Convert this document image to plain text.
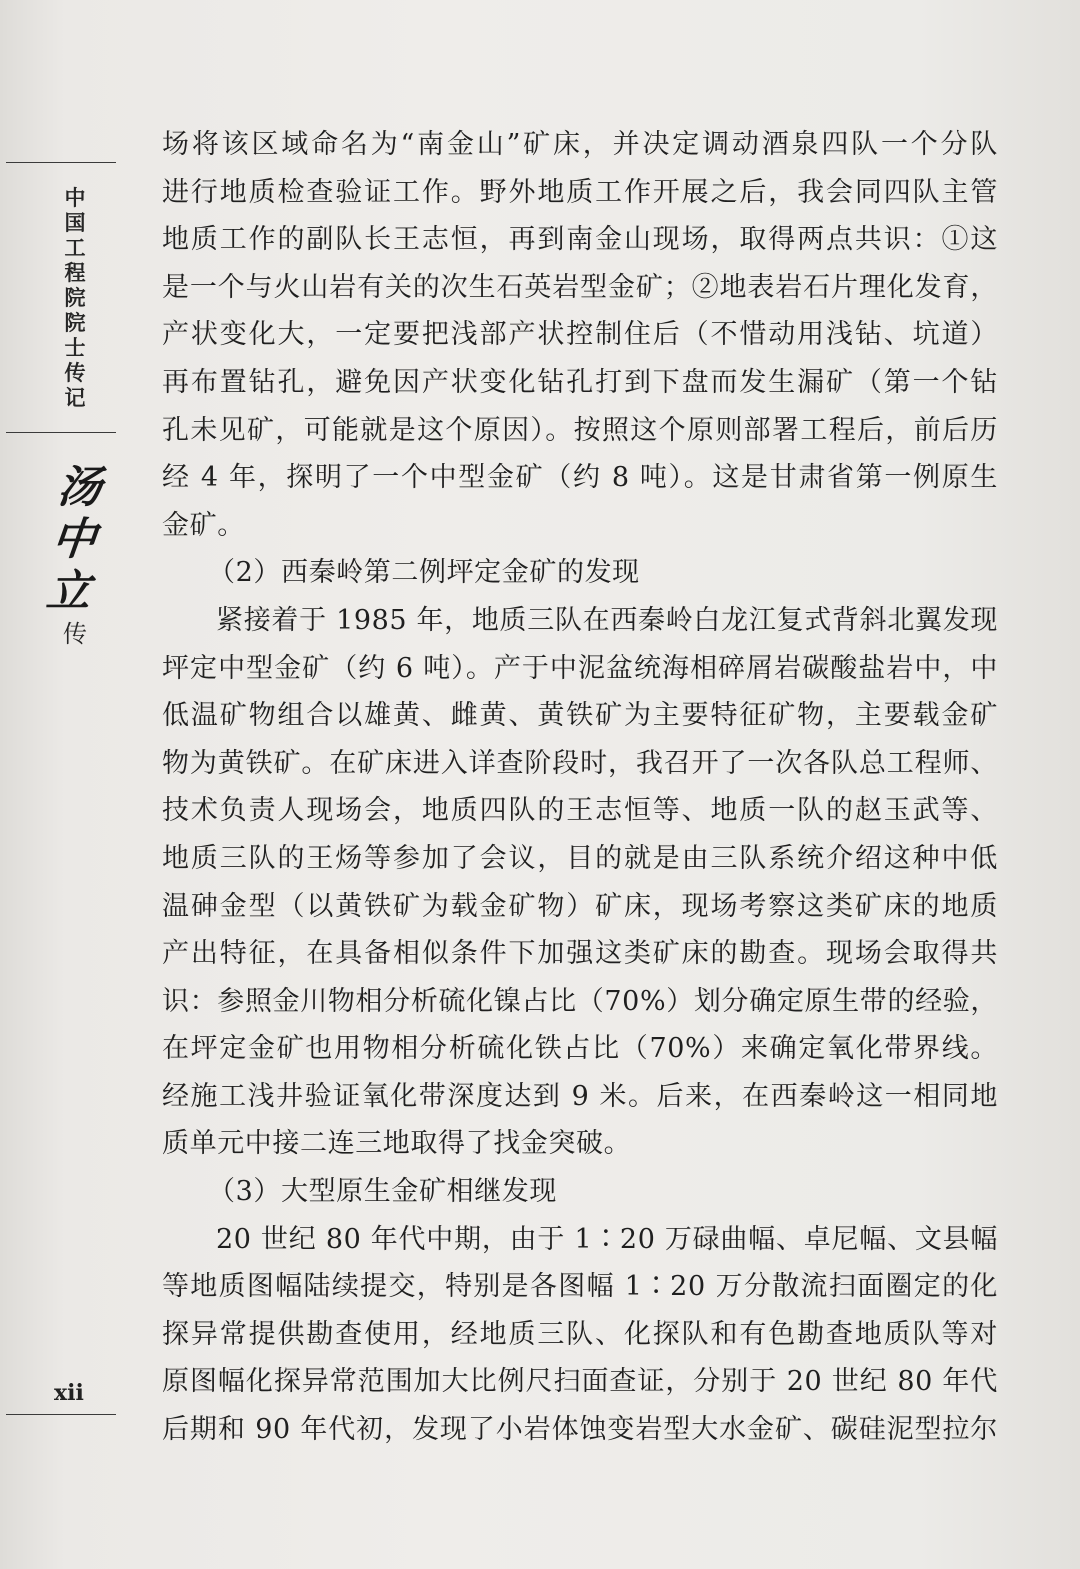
中
国
工
程
院
院
士
传
记
汤
中
立
传
xii
场将该区域命名为“南金山”矿床，并决定调动酒泉四队一个分队
进行地质检查验证工作。野外地质工作开展之后，我会同四队主管
地质工作的副队长王志恒，再到南金山现场，取得两点共识：①这
是一个与火山岩有关的次生石英岩型金矿；②地表岩石片理化发育，
产状变化大，一定要把浅部产状控制住后（不惜动用浅钻、坑道）
再布置钻孔，避免因产状变化钻孔打到下盘而发生漏矿（第一个钻
孔未见矿，可能就是这个原因）。按照这个原则部署工程后，前后历
经 4 年，探明了一个中型金矿（约 8 吨）。这是甘肃省第一例原生
金矿。
（2）西秦岭第二例坪定金矿的发现
紧接着于 1985 年，地质三队在西秦岭白龙江复式背斜北翼发现
坪定中型金矿（约 6 吨）。产于中泥盆统海相碎屑岩碳酸盐岩中，中
低温矿物组合以雄黄、雌黄、黄铁矿为主要特征矿物，主要载金矿
物为黄铁矿。在矿床进入详查阶段时，我召开了一次各队总工程师、
技术负责人现场会，地质四队的王志恒等、地质一队的赵玉武等、
地质三队的王炀等参加了会议，目的就是由三队系统介绍这种中低
温砷金型（以黄铁矿为载金矿物）矿床，现场考察这类矿床的地质
产出特征，在具备相似条件下加强这类矿床的勘查。现场会取得共
识：参照金川物相分析硫化镍占比（70%）划分确定原生带的经验，
在坪定金矿也用物相分析硫化铁占比（70%）来确定氧化带界线。
经施工浅井验证氧化带深度达到 9 米。后来，在西秦岭这一相同地
质单元中接二连三地取得了找金突破。
（3）大型原生金矿相继发现
20 世纪 80 年代中期，由于 1∶20 万碌曲幅、卓尼幅、文县幅
等地质图幅陆续提交，特别是各图幅 1∶20 万分散流扫面圈定的化
探异常提供勘查使用，经地质三队、化探队和有色勘查地质队等对
原图幅化探异常范围加大比例尺扫面查证，分别于 20 世纪 80 年代
后期和 90 年代初，发现了小岩体蚀变岩型大水金矿、碳硅泥型拉尔
